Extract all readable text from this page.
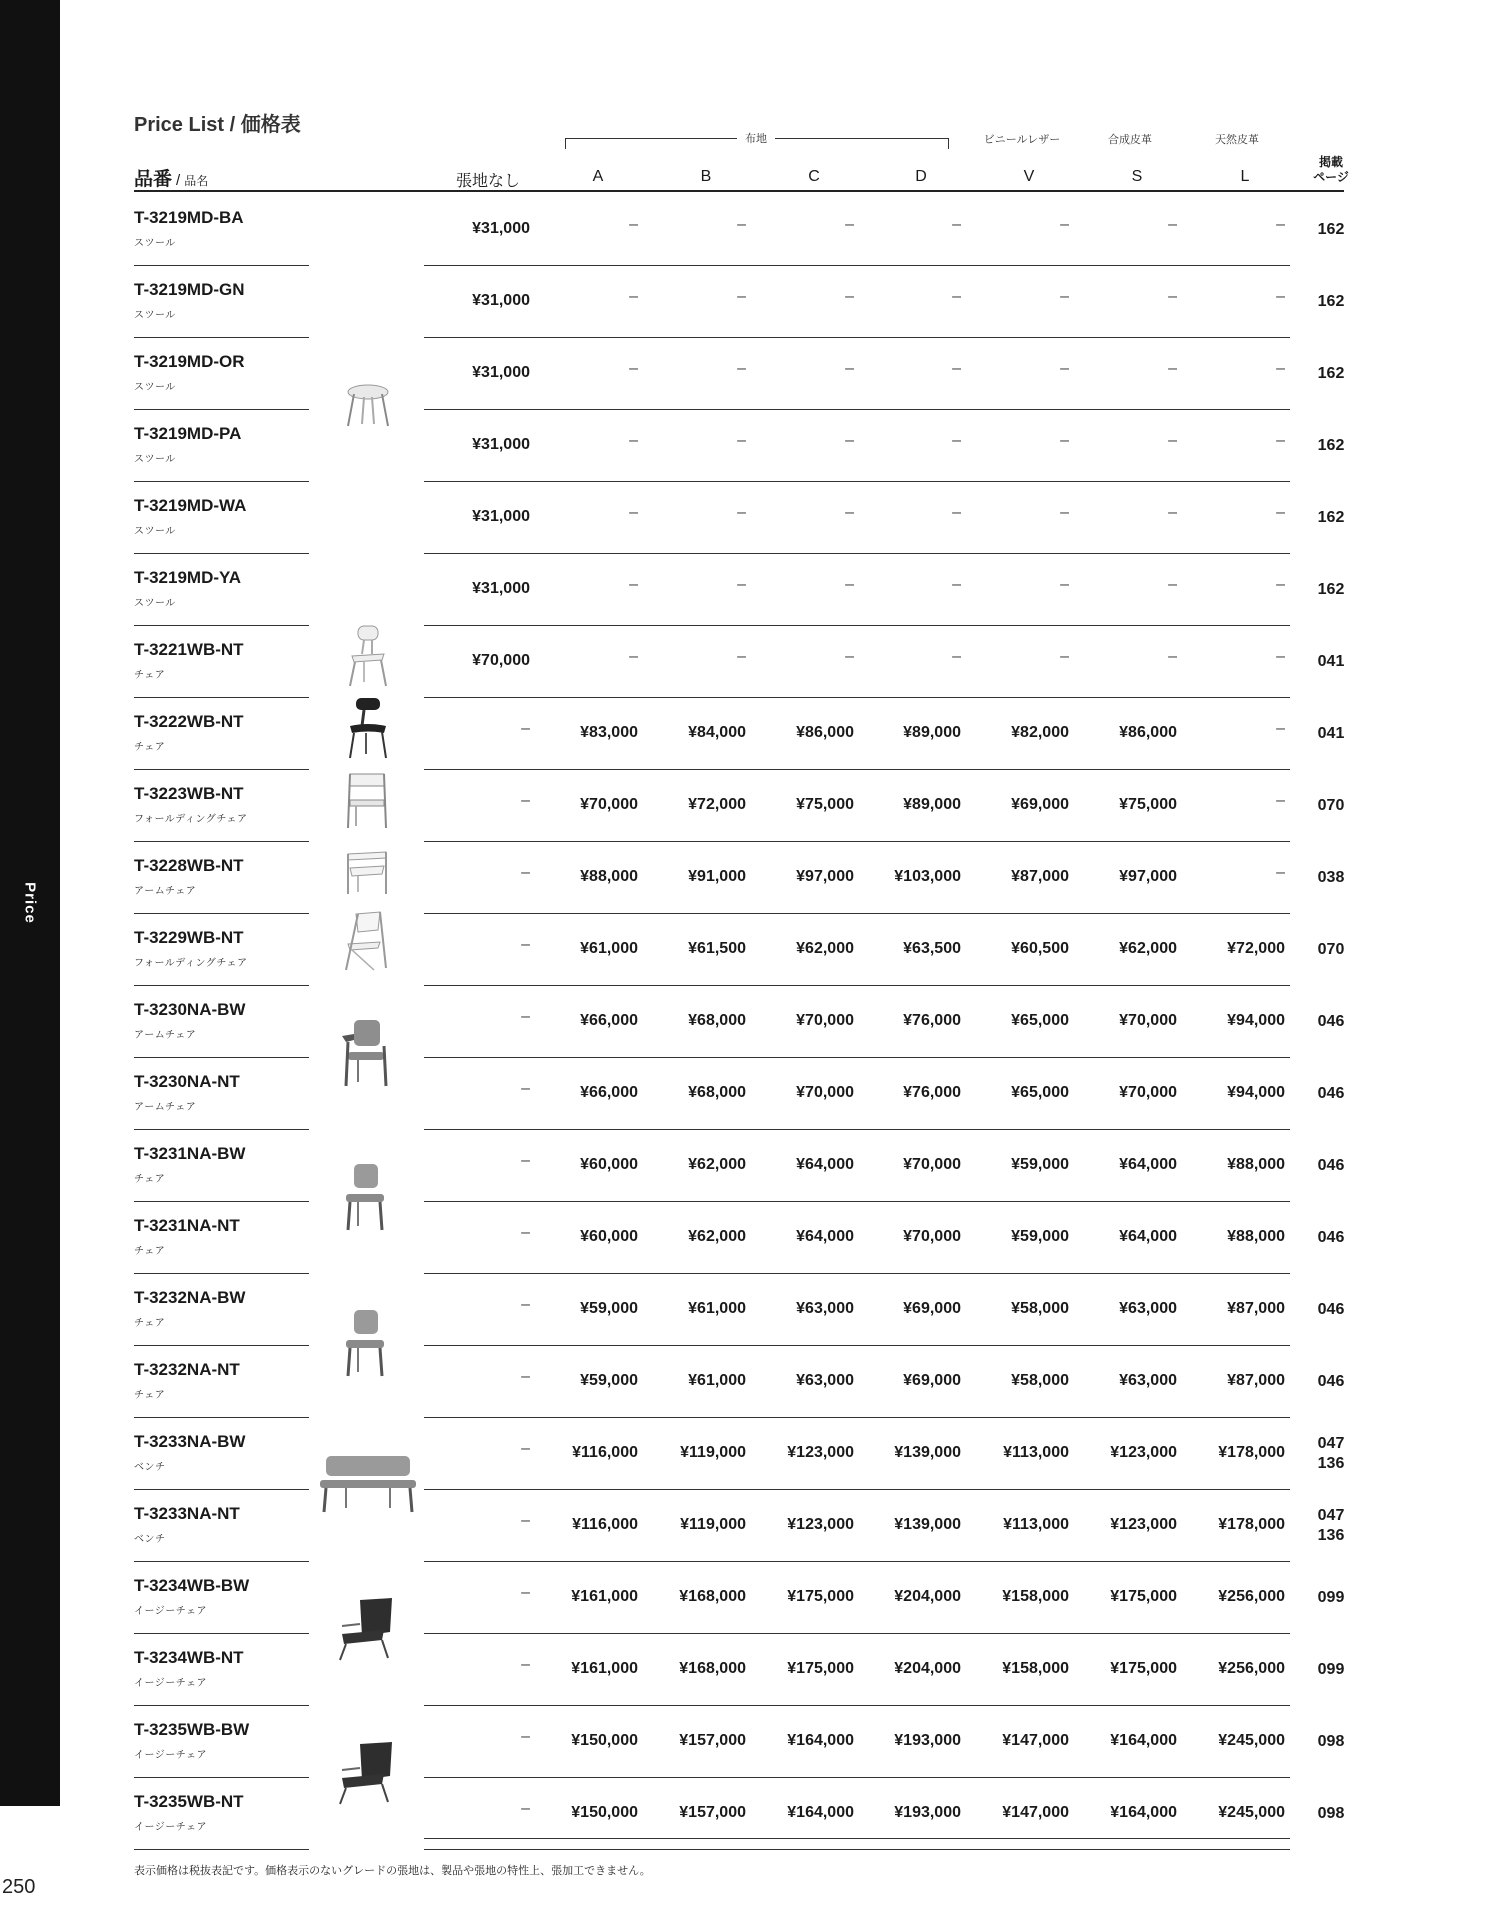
Price
250
Price List / 価格表
布地	ビニールレザー	合成皮革	天然皮革
品番 / 品名	張地なし	A	B	C	D	V	S	L
掲載
ページ
T-3219MD-BA
スツール
¥31,000	–	–	–	–	–	–	– 162
T-3219MD-GN
スツール
¥31,000	–	–	–	–	–	–	– 162
T-3219MD-OR
スツール
¥31,000	–	–	–	–	–	–	– 162
T-3219MD-PA
スツール
¥31,000	–	–	–	–	–	–	– 162
T-3219MD-WA
スツール
¥31,000	–	–	–	–	–	–	– 162
T-3219MD-YA
スツール
¥31,000	–	–	–	–	–	–	– 162
T-3221WB-NT
チェア
¥70,000	–	–	–	–	–	–	– 041
T-3222WB-NT
チェア
–	¥83,000	¥84,000	¥86,000	¥89,000	¥82,000	¥86,000	– 041
T-3223WB-NT
フォールディングチェア
–	¥70,000	¥72,000	¥75,000	¥89,000	¥69,000	¥75,000	– 070
T-3228WB-NT
アームチェア
–	¥88,000	¥91,000	¥97,000	¥103,000	¥87,000	¥97,000	– 038
T-3229WB-NT
フォールディングチェア
–	¥61,000	¥61,500	¥62,000	¥63,500	¥60,500	¥62,000	¥72,000 070
T-3230NA-BW
アームチェア
–	¥66,000	¥68,000	¥70,000	¥76,000	¥65,000	¥70,000	¥94,000 046
T-3230NA-NT
アームチェア
–	¥66,000	¥68,000	¥70,000	¥76,000	¥65,000	¥70,000	¥94,000 046
T-3231NA-BW
チェア
–	¥60,000	¥62,000	¥64,000	¥70,000	¥59,000	¥64,000	¥88,000 046
T-3231NA-NT
チェア
–	¥60,000	¥62,000	¥64,000	¥70,000	¥59,000	¥64,000	¥88,000 046
T-3232NA-BW
チェア
–	¥59,000	¥61,000	¥63,000	¥69,000	¥58,000	¥63,000	¥87,000 046
T-3232NA-NT
チェア
–	¥59,000	¥61,000	¥63,000	¥69,000	¥58,000	¥63,000	¥87,000 046
T-3233NA-BW
ベンチ
–	¥116,000	¥119,000	¥123,000	¥139,000	¥113,000	¥123,000	¥178,000
047
136
T-3233NA-NT
ベンチ
–	¥116,000	¥119,000	¥123,000	¥139,000	¥113,000	¥123,000	¥178,000
047
136
T-3234WB-BW
イージーチェア
–	¥161,000	¥168,000	¥175,000	¥204,000	¥158,000	¥175,000	¥256,000 099
T-3234WB-NT
イージーチェア
–	¥161,000	¥168,000	¥175,000	¥204,000	¥158,000	¥175,000	¥256,000 099
T-3235WB-BW
イージーチェア
–	¥150,000	¥157,000	¥164,000	¥193,000	¥147,000	¥164,000	¥245,000 098
T-3235WB-NT
イージーチェア
–	¥150,000	¥157,000	¥164,000	¥193,000	¥147,000	¥164,000	¥245,000 098
表示価格は税抜表記です。価格表示のないグレードの張地は、製品や張地の特性上、張加工できません。
